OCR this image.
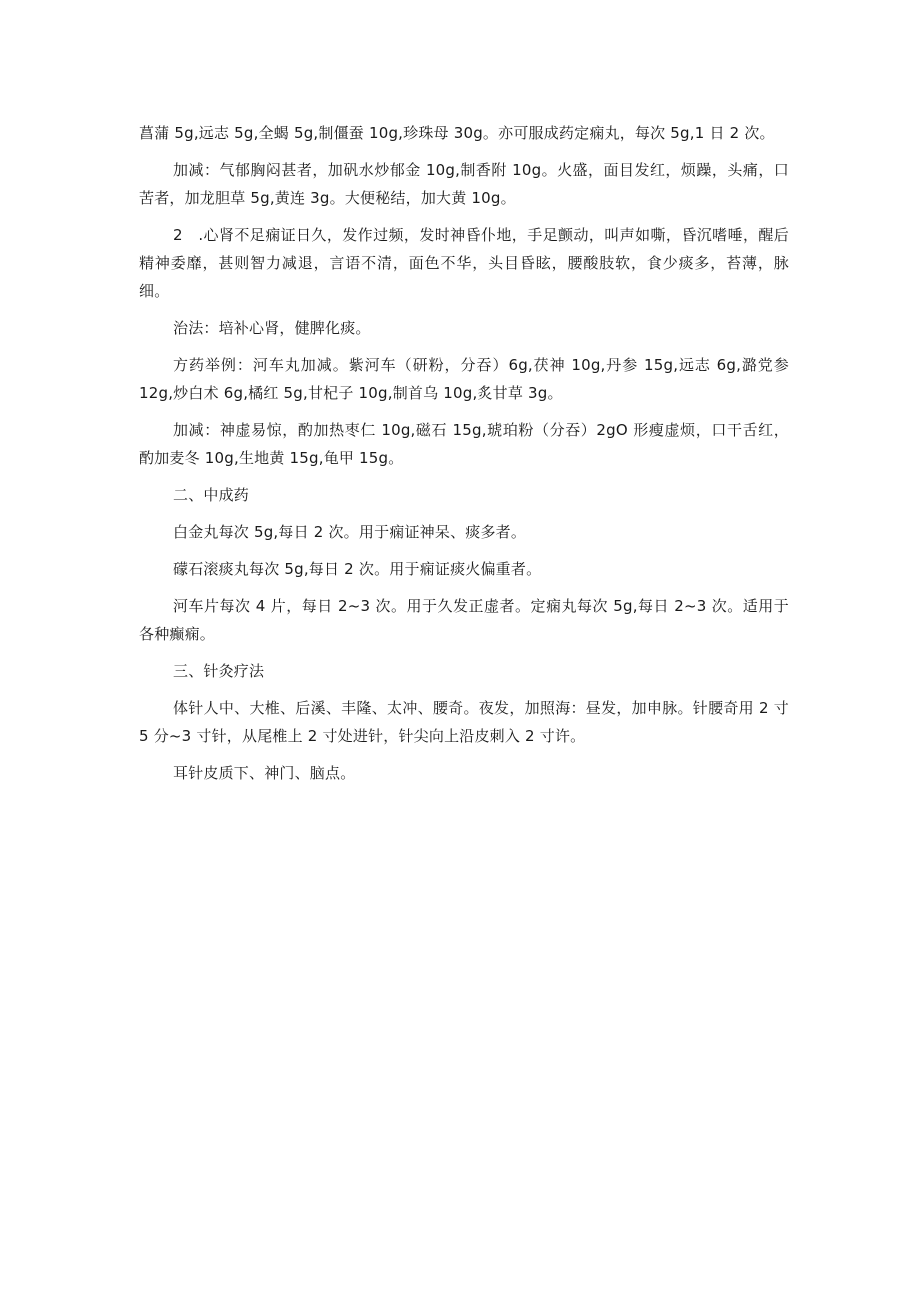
菖蒲 5g,远志 5g,全蝎 5g,制僵蚕 10g,珍珠母 30g。亦可服成药定痫丸，每次 5g,1 日 2 次。

加减：气郁胸闷甚者，加矾水炒郁金 10g,制香附 10g。火盛，面目发红，烦躁，头痛，口苦者，加龙胆草 5g,黄连 3g。大便秘结，加大黄 10g。

2　.心肾不足痫证日久，发作过频，发时神昏仆地，手足颤动，叫声如嘶，昏沉嗜唾，醒后精神委靡，甚则智力减退，言语不清，面色不华，头目昏眩，腰酸肢软，食少痰多，苔薄，脉细。

治法：培补心肾，健脾化痰。

方药举例：河车丸加减。紫河车（研粉，分吞）6g,茯神 10g,丹参 15g,远志 6g,潞党参 12g,炒白术 6g,橘红 5g,甘杞子 10g,制首乌 10g,炙甘草 3g。

加减：神虚易惊，酌加热枣仁 10g,磁石 15g,琥珀粉（分吞）2gO 形瘦虚烦，口干舌红，酌加麦冬 10g,生地黄 15g,龟甲 15g。

二、中成药

白金丸每次 5g,每日 2 次。用于痫证神呆、痰多者。

礞石滚痰丸每次 5g,每日 2 次。用于痫证痰火偏重者。

河车片每次 4 片，每日 2~3 次。用于久发正虚者。定痫丸每次 5g,每日 2~3 次。适用于各种癫痫。

三、针灸疗法

体针人中、大椎、后溪、丰隆、太冲、腰奇。夜发，加照海：昼发，加申脉。针腰奇用 2 寸 5 分~3 寸针，从尾椎上 2 寸处进针，针尖向上沿皮刺入 2 寸许。

耳针皮质下、神门、脑点。
